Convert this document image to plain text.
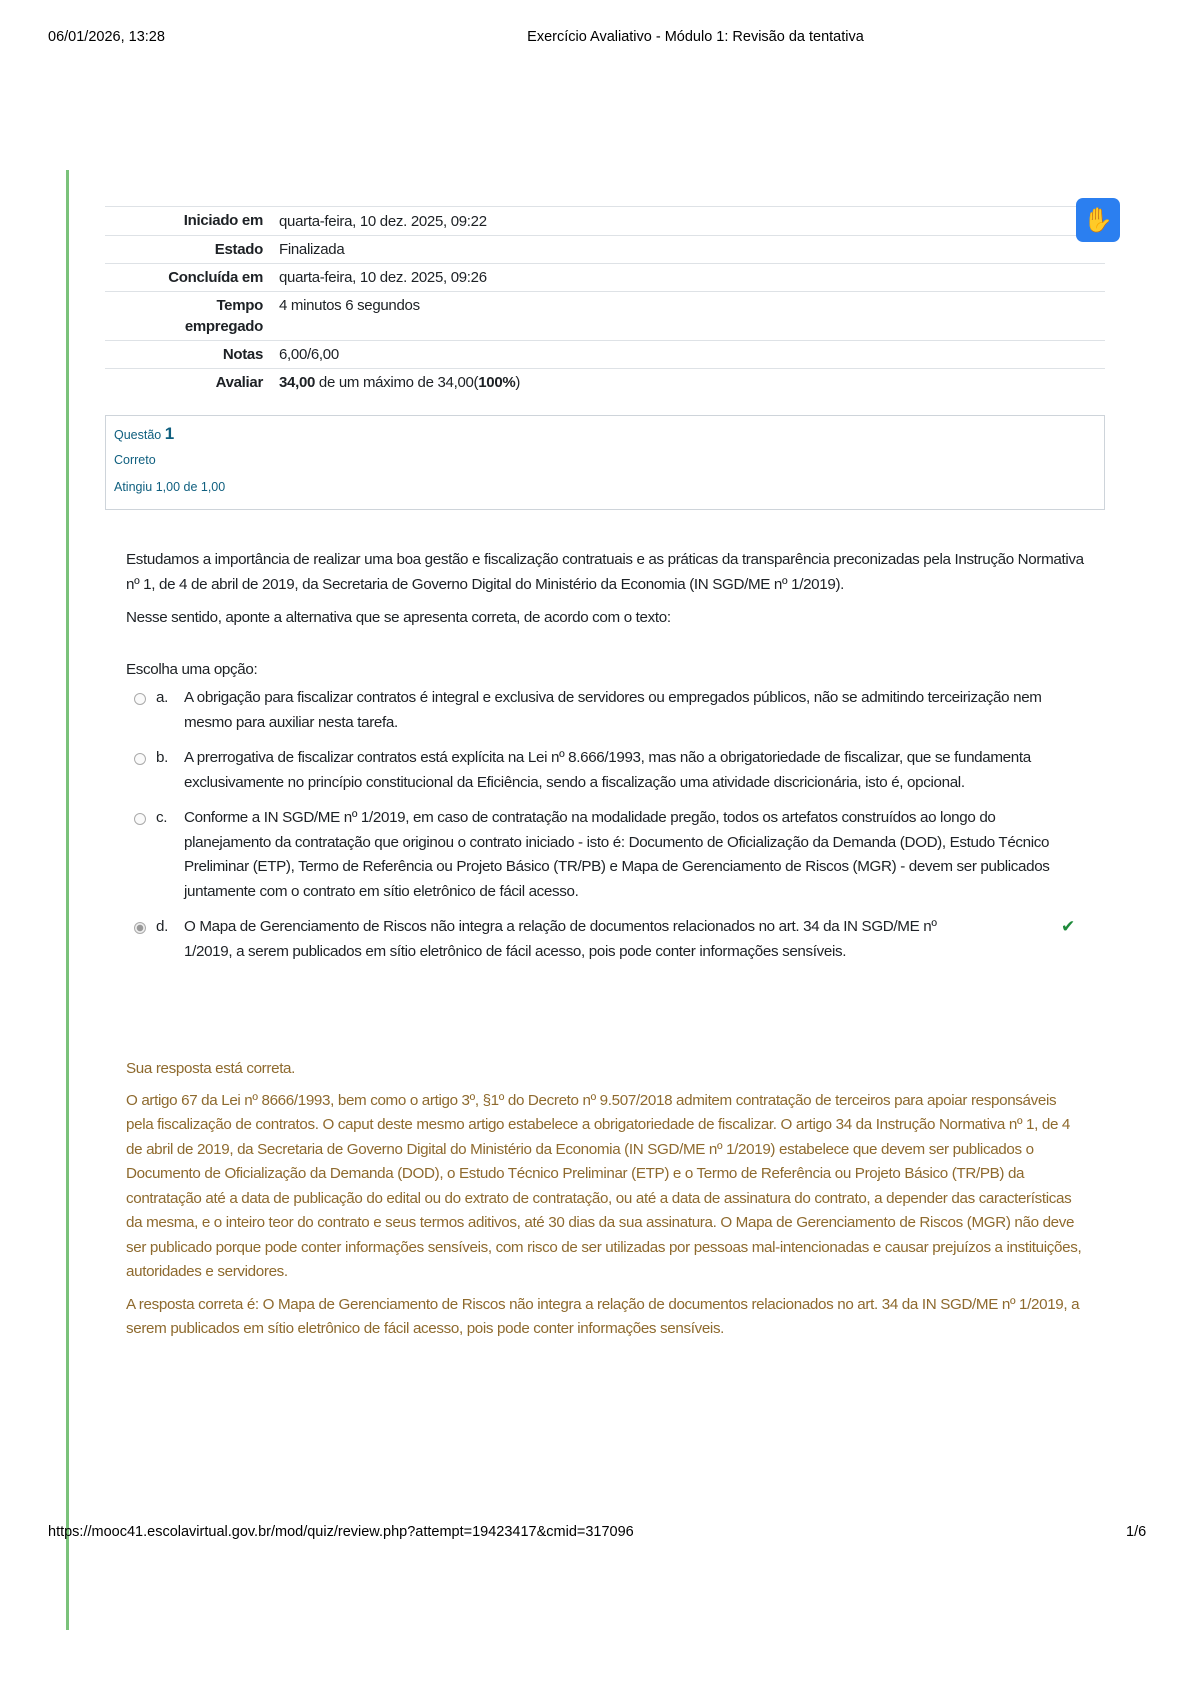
06/01/2026, 13:28	Exercício Avaliativo - Módulo 1: Revisão da tentativa
Iniciado em	quarta-feira, 10 dez. 2025, 09:22
Estado	Finalizada
Concluída em	quarta-feira, 10 dez. 2025, 09:26
Tempo empregado	4 minutos 6 segundos
Notas	6,00/6,00
Avaliar	34,00 de um máximo de 34,00(100%)
✋
Questão 1
Correto
Atingiu 1,00 de 1,00

Estudamos a importância de realizar uma boa gestão e fiscalização contratuais e as práticas da transparência preconizadas pela Instrução Normativa nº 1, de 4 de abril de 2019, da Secretaria de Governo Digital do Ministério da Economia (IN SGD/ME nº 1/2019).

Nesse sentido, aponte a alternativa que se apresenta correta, de acordo com o texto:

Escolha uma opção:

a.	A obrigação para fiscalizar contratos é integral e exclusiva de servidores ou empregados públicos, não se admitindo terceirização nem mesmo para auxiliar nesta tarefa.
b.	A prerrogativa de fiscalizar contratos está explícita na Lei nº 8.666/1993, mas não a obrigatoriedade de fiscalizar, que se fundamenta exclusivamente no princípio constitucional da Eficiência, sendo a fiscalização uma atividade discricionária, isto é, opcional.
c.	Conforme a IN SGD/ME nº 1/2019, em caso de contratação na modalidade pregão, todos os artefatos construídos ao longo do planejamento da contratação que originou o contrato iniciado - isto é: Documento de Oficialização da Demanda (DOD), Estudo Técnico Preliminar (ETP), Termo de Referência ou Projeto Básico (TR/PB) e Mapa de Gerenciamento de Riscos (MGR) - devem ser publicados juntamente com o contrato em sítio eletrônico de fácil acesso.
d.	O Mapa de Gerenciamento de Riscos não integra a relação de documentos relacionados no art. 34 da IN SGD/ME nº 1/2019, a serem publicados em sítio eletrônico de fácil acesso, pois pode conter informações sensíveis.
✔

Sua resposta está correta.

O artigo 67 da Lei nº 8666/1993, bem como o artigo 3º, §1º do Decreto nº 9.507/2018 admitem contratação de terceiros para apoiar responsáveis pela fiscalização de contratos. O caput deste mesmo artigo estabelece a obrigatoriedade de fiscalizar. O artigo 34 da Instrução Normativa nº 1, de 4 de abril de 2019, da Secretaria de Governo Digital do Ministério da Economia (IN SGD/ME nº 1/2019) estabelece que devem ser publicados o Documento de Oficialização da Demanda (DOD), o Estudo Técnico Preliminar (ETP) e o Termo de Referência ou Projeto Básico (TR/PB) da contratação até a data de publicação do edital ou do extrato de contratação, ou até a data de assinatura do contrato, a depender das características da mesma, e o inteiro teor do contrato e seus termos aditivos, até 30 dias da sua assinatura. O Mapa de Gerenciamento de Riscos (MGR) não deve ser publicado porque pode conter informações sensíveis, com risco de ser utilizadas por pessoas mal-intencionadas e causar prejuízos a instituições, autoridades e servidores.

A resposta correta é: O Mapa de Gerenciamento de Riscos não integra a relação de documentos relacionados no art. 34 da IN SGD/ME nº 1/2019, a serem publicados em sítio eletrônico de fácil acesso, pois pode conter informações sensíveis.

https://mooc41.escolavirtual.gov.br/mod/quiz/review.php?attempt=19423417&cmid=317096	1/6
